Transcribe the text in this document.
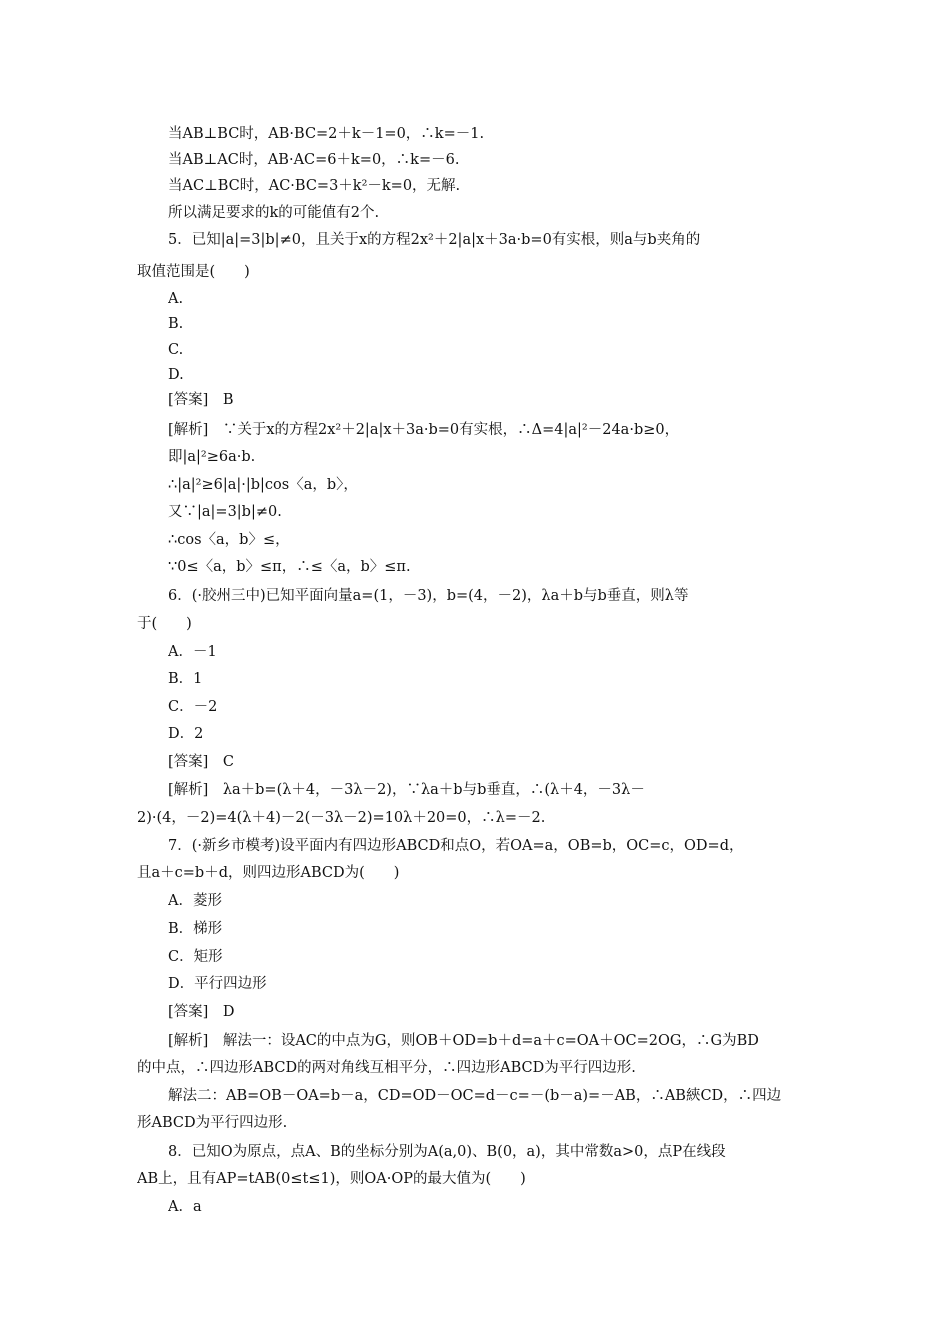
当AB⊥BC时，AB·BC=2＋k－1=0，∴k=－1.
当AB⊥AC时，AB·AC=6＋k=0，∴k=－6.
当AC⊥BC时，AC·BC=3＋k²－k=0，无解.
所以满足要求的k的可能值有2个.
5．已知|a|=3|b|≠0，且关于x的方程2x²＋2|a|x＋3a·b=0有实根，则a与b夹角的
取值范围是(　　)
A.
B.
C.
D.
[答案]　B
[解析]　∵关于x的方程2x²＋2|a|x＋3a·b=0有实根，∴Δ=4|a|²－24a·b≥0，
即|a|²≥6a·b.
∴|a|²≥6|a|·|b|cos〈a，b〉，
又∵|a|=3|b|≠0.
∴cos〈a，b〉≤，
∵0≤〈a，b〉≤π，∴≤〈a，b〉≤π.
6．(·胶州三中)已知平面向量a=(1，－3)，b=(4，－2)，λa＋b与b垂直，则λ等
于(　　)
A．－1
B．1
C．－2
D．2
[答案]　C
[解析]　λa＋b=(λ＋4，－3λ－2)，∵λa＋b与b垂直，∴(λ＋4，－3λ－
2)·(4，－2)=4(λ＋4)－2(－3λ－2)=10λ＋20=0，∴λ=－2.
7．(·新乡市模考)设平面内有四边形ABCD和点O，若OA=a，OB=b，OC=c，OD=d，
且a＋c=b＋d，则四边形ABCD为(　　)
A．菱形
B．梯形
C．矩形
D．平行四边形
[答案]　D
[解析]　解法一：设AC的中点为G，则OB＋OD=b＋d=a＋c=OA＋OC=2OG，∴G为BD
的中点，∴四边形ABCD的两对角线互相平分，∴四边形ABCD为平行四边形.
解法二：AB=OB－OA=b－a，CD=OD－OC=d－c=－(b－a)=－AB，∴AB綊CD，∴四边
形ABCD为平行四边形.
8．已知O为原点，点A、B的坐标分别为A(a,0)、B(0，a)，其中常数a>0，点P在线段
AB上，且有AP=tAB(0≤t≤1)，则OA·OP的最大值为(　　)
A．a
